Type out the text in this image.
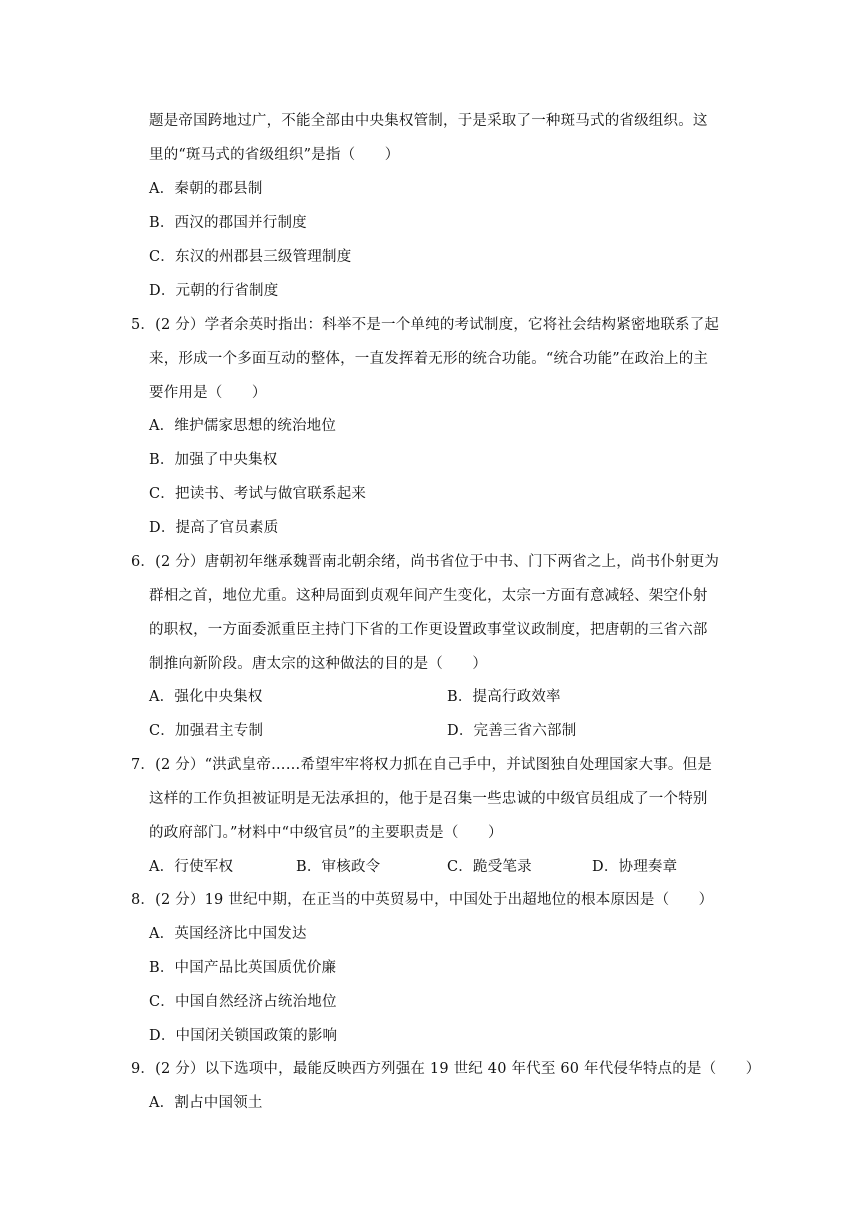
题是帝国跨地过广，不能全部由中央集权管制，于是采取了一种斑马式的省级组织。这
里的“斑马式的省级组织”是指（　　）
A．秦朝的郡县制
B．西汉的郡国并行制度
C．东汉的州郡县三级管理制度
D．元朝的行省制度
5．(2 分）学者余英时指出：科举不是一个单纯的考试制度，它将社会结构紧密地联系了起
来，形成一个多面互动的整体，一直发挥着无形的统合功能。“统合功能”在政治上的主
要作用是（　　）
A．维护儒家思想的统治地位
B．加强了中央集权
C．把读书、考试与做官联系起来
D．提高了官员素质
6．(2 分）唐朝初年继承魏晋南北朝余绪，尚书省位于中书、门下两省之上，尚书仆射更为
群相之首，地位尤重。这种局面到贞观年间产生变化，太宗一方面有意减轻、架空仆射
的职权，一方面委派重臣主持门下省的工作更设置政事堂议政制度，把唐朝的三省六部
制推向新阶段。唐太宗的这种做法的目的是（　　）
A．强化中央集权	B．提高行政效率
C．加强君主专制	D．完善三省六部制
7．(2 分）“洪武皇帝……希望牢牢将权力抓在自己手中，并试图独自处理国家大事。但是
这样的工作负担被证明是无法承担的，他于是召集一些忠诚的中级官员组成了一个特别
的政府部门。”材料中“中级官员”的主要职责是（　　）
A．行使军权	B．审核政令	C．跪受笔录	D．协理奏章
8．(2 分）19 世纪中期，在正当的中英贸易中，中国处于出超地位的根本原因是（　　）
A．英国经济比中国发达
B．中国产品比英国质优价廉
C．中国自然经济占统治地位
D．中国闭关锁国政策的影响
9．(2 分）以下选项中，最能反映西方列强在 19 世纪 40 年代至 60 年代侵华特点的是（　　）
A．割占中国领土
